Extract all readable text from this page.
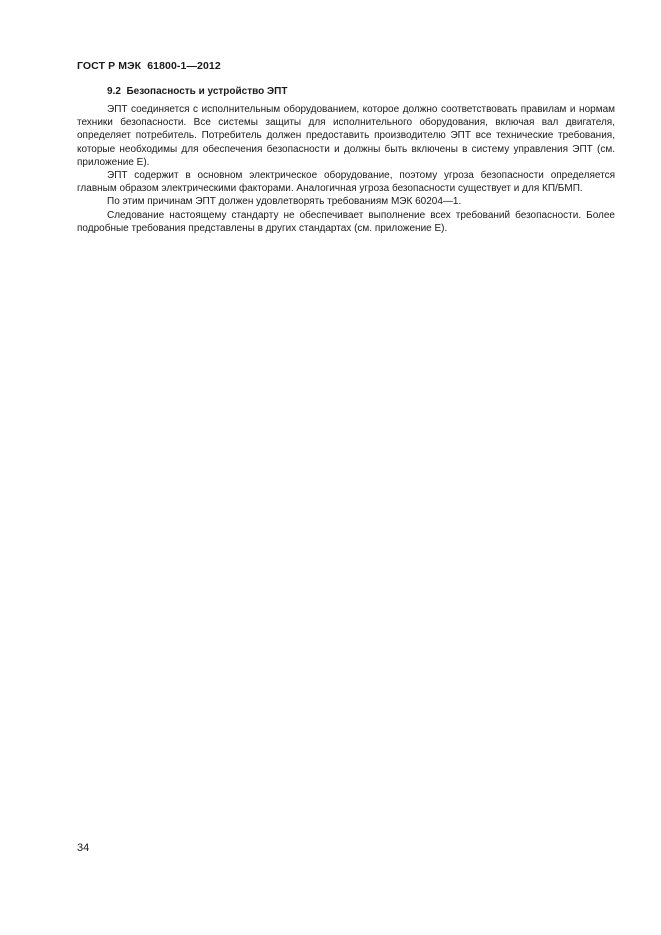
ГОСТ Р МЭК  61800-1—2012
9.2  Безопасность и устройство ЭПТ

ЭПТ соединяется с исполнительным оборудованием, которое должно соответствовать правилам и нормам техники безопасности. Все системы защиты для исполнительного оборудования, включая вал двигателя, определяет потребитель. Потребитель должен предоставить производителю ЭПТ все технические требования, которые необходимы для обеспечения безопасности и должны быть включены в систему управления ЭПТ (см. приложение Е).

ЭПТ содержит в основном электрическое оборудование, поэтому угроза безопасности определяется главным образом электрическими факторами. Аналогичная угроза безопасности существует и для КП/БМП.

По этим причинам ЭПТ должен удовлетворять требованиям МЭК 60204—1.

Следование настоящему стандарту не обеспечивает выполнение всех требований безопасности. Более подробные требования представлены в других стандартах (см. приложение Е).

34
